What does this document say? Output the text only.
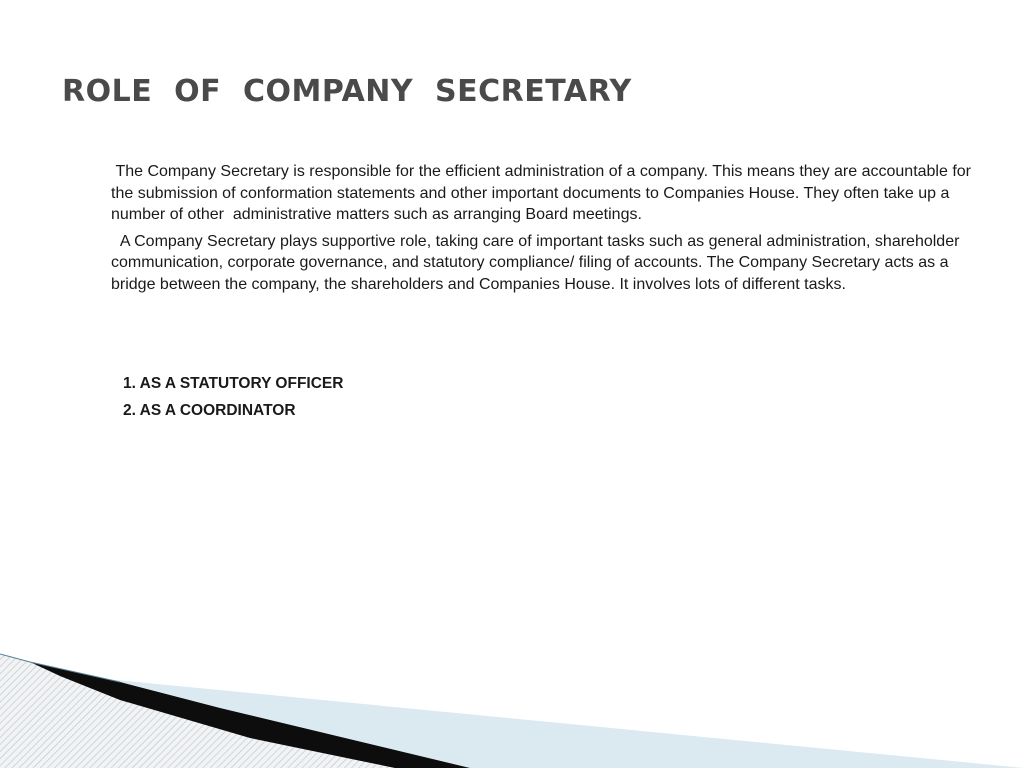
ROLE  OF  COMPANY  SECRETARY

The Company Secretary is responsible for the efficient administration of a company. This means they are accountable for the submission of conformation statements and other important documents to Companies House. They often take up a number of other  administrative matters such as arranging Board meetings.

A Company Secretary plays supportive role, taking care of important tasks such as general administration, shareholder communication, corporate governance, and statutory compliance/ filing of accounts. The Company Secretary acts as a bridge between the company, the shareholders and Companies House. It involves lots of different tasks.

1. AS A STATUTORY OFFICER
2. AS A COORDINATOR
